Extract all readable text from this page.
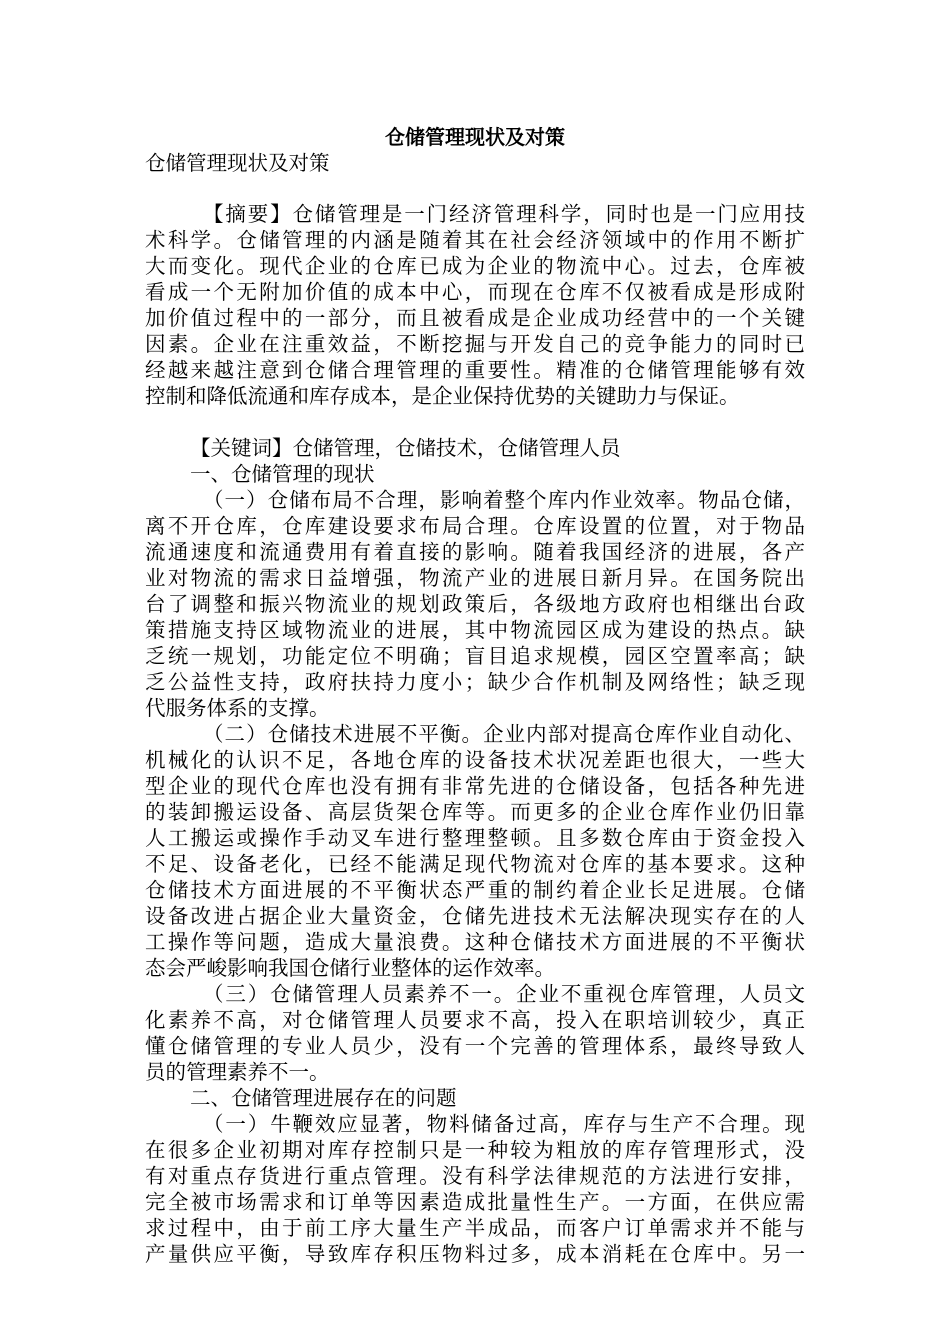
仓储管理现状及对策
仓储管理现状及对策
【摘要】仓储管理是一门经济管理科学，同时也是一门应用技
术科学。仓储管理的内涵是随着其在社会经济领域中的作用不断扩
大而变化。现代企业的仓库已成为企业的物流中心。过去，仓库被
看成一个无附加价值的成本中心，而现在仓库不仅被看成是形成附
加价值过程中的一部分，而且被看成是企业成功经营中的一个关键
因素。企业在注重效益，不断挖掘与开发自己的竞争能力的同时已
经越来越注意到仓储合理管理的重要性。精准的仓储管理能够有效
控制和降低流通和库存成本，是企业保持优势的关键助力与保证。
【关键词】仓储管理，仓储技术，仓储管理人员
一、仓储管理的现状
（一）仓储布局不合理，影响着整个库内作业效率。物品仓储，
离不开仓库，仓库建设要求布局合理。仓库设置的位置，对于物品
流通速度和流通费用有着直接的影响。随着我国经济的进展，各产
业对物流的需求日益增强，物流产业的进展日新月异。在国务院出
台了调整和振兴物流业的规划政策后，各级地方政府也相继出台政
策措施支持区域物流业的进展，其中物流园区成为建设的热点。缺
乏统一规划，功能定位不明确；盲目追求规模，园区空置率高；缺
乏公益性支持，政府扶持力度小；缺少合作机制及网络性；缺乏现
代服务体系的支撑。
（二）仓储技术进展不平衡。企业内部对提高仓库作业自动化、
机械化的认识不足，各地仓库的设备技术状况差距也很大，一些大
型企业的现代仓库也没有拥有非常先进的仓储设备，包括各种先进
的装卸搬运设备、高层货架仓库等。而更多的企业仓库作业仍旧靠
人工搬运或操作手动叉车进行整理整顿。且多数仓库由于资金投入
不足、设备老化，已经不能满足现代物流对仓库的基本要求。这种
仓储技术方面进展的不平衡状态严重的制约着企业长足进展。仓储
设备改进占据企业大量资金，仓储先进技术无法解决现实存在的人
工操作等问题，造成大量浪费。这种仓储技术方面进展的不平衡状
态会严峻影响我国仓储行业整体的运作效率。
（三）仓储管理人员素养不一。企业不重视仓库管理，人员文
化素养不高，对仓储管理人员要求不高，投入在职培训较少，真正
懂仓储管理的专业人员少，没有一个完善的管理体系，最终导致人
员的管理素养不一。
二、仓储管理进展存在的问题
（一）牛鞭效应显著，物料储备过高，库存与生产不合理。现
在很多企业初期对库存控制只是一种较为粗放的库存管理形式，没
有对重点存货进行重点管理。没有科学法律规范的方法进行安排，
完全被市场需求和订单等因素造成批量性生产。一方面，在供应需
求过程中，由于前工序大量生产半成品，而客户订单需求并不能与
产量供应平衡，导致库存积压物料过多，成本消耗在仓库中。另一
